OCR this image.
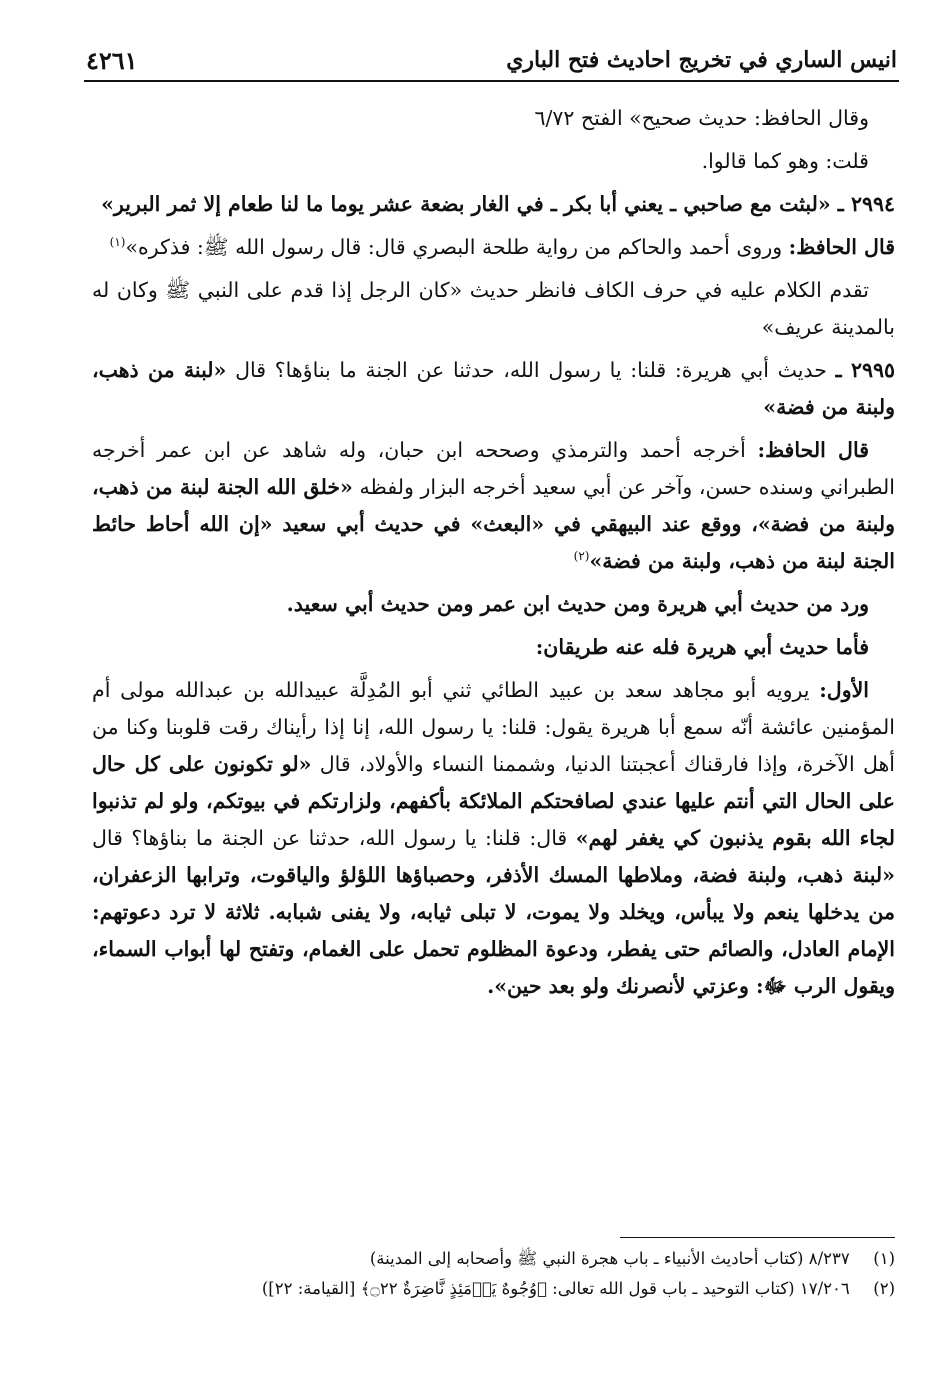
انيس الساري في تخريج احاديث فتح الباري
٤٢٦١

وقال الحافظ: حديث صحيح» الفتح ٦/٧٢

قلت: وهو كما قالوا.

٢٩٩٤ ـ «لبثت مع صاحبي ـ يعني أبا بكر ـ في الغار بضعة عشر يوما ما لنا طعام إلا ثمر البرير»

قال الحافظ: وروى أحمد والحاكم من رواية طلحة البصري قال: قال رسول الله ﷺ: فذكره»$^{(١)}$

تقدم الكلام عليه في حرف الكاف فانظر حديث «كان الرجل إذا قدم على النبي ﷺ وكان له بالمدينة عريف»

٢٩٩٥ ـ حديث أبي هريرة: قلنا: يا رسول الله، حدثنا عن الجنة ما بناؤها؟ قال «لبنة من ذهب، ولبنة من فضة»

قال الحافظ: أخرجه أحمد والترمذي وصححه ابن حبان، وله شاهد عن ابن عمر أخرجه الطبراني وسنده حسن، وآخر عن أبي سعيد أخرجه البزار ولفظه «خلق الله الجنة لبنة من ذهب، ولبنة من فضة»، ووقع عند البيهقي في «البعث» في حديث أبي سعيد «إن الله أحاط حائط الجنة لبنة من ذهب، ولبنة من فضة»$^{(٢)}$

ورد من حديث أبي هريرة ومن حديث ابن عمر ومن حديث أبي سعيد.

فأما حديث أبي هريرة فله عنه طريقان:

الأول: يرويه أبو مجاهد سعد بن عبيد الطائي ثني أبو المُدِلَّة عبيدالله بن عبدالله مولى أم المؤمنين عائشة أنّه سمع أبا هريرة يقول: قلنا: يا رسول الله، إنا إذا رأيناك رقت قلوبنا وكنا من أهل الآخرة، وإذا فارقناك أعجبتنا الدنيا، وشممنا النساء والأولاد، قال «لو تكونون على كل حال على الحال التي أنتم عليها عندي لصافحتكم الملائكة بأكفهم، ولزارتكم في بيوتكم، ولو لم تذنبوا لجاء الله بقوم يذنبون كي يغفر لهم» قال: قلنا: يا رسول الله، حدثنا عن الجنة ما بناؤها؟ قال «لبنة ذهب، ولبنة فضة، وملاطها المسك الأذفر، وحصباؤها اللؤلؤ والياقوت، وترابها الزعفران، من يدخلها ينعم ولا يبأس، ويخلد ولا يموت، لا تبلى ثيابه، ولا يفنى شبابه. ثلاثة لا ترد دعوتهم: الإمام العادل، والصائم حتى يفطر، ودعوة المظلوم تحمل على الغمام، وتفتح لها أبواب السماء، ويقول الرب ﷻ: وعزتي لأنصرنك ولو بعد حين».

(١) ٨/٢٣٧ (كتاب أحاديث الأنبياء ـ باب هجرة النبي ﷺ وأصحابه إلى المدينة)

(٢) ١٧/٢٠٦ (كتاب التوحيد ـ باب قول الله تعالى: ﴿وُجُوهٌ يَوۡمَئِذٍ نَّاضِرَةٌ ۝٢٢﴾ [القيامة: ٢٢])
